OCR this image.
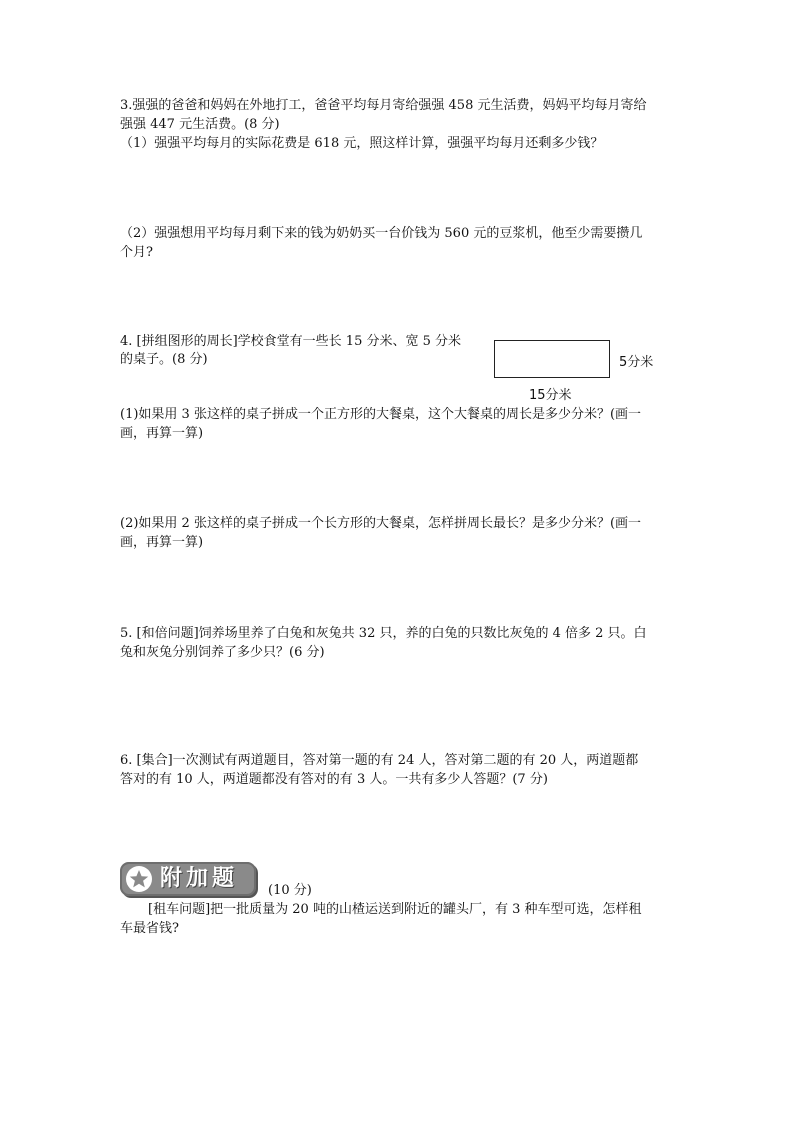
3.强强的爸爸和妈妈在外地打工，爸爸平均每月寄给强强 458 元生活费，妈妈平均每月寄给
强强 447 元生活费。(8 分)
（1）强强平均每月的实际花费是 618 元，照这样计算，强强平均每月还剩多少钱？
（2）强强想用平均每月剩下来的钱为奶奶买一台价钱为 560 元的豆浆机，他至少需要攒几
个月?
4. [拼组图形的周长]学校食堂有一些长 15 分米、宽 5 分米
的桌子。(8 分)	5分米
15分米
(1)如果用 3 张这样的桌子拼成一个正方形的大餐桌，这个大餐桌的周长是多少分米？(画一
画，再算一算)
(2)如果用 2 张这样的桌子拼成一个长方形的大餐桌，怎样拼周长最长？是多少分米？(画一
画，再算一算)
5. [和倍问题]饲养场里养了白兔和灰兔共 32 只，养的白兔的只数比灰兔的 4 倍多 2 只。白
兔和灰兔分别饲养了多少只？(6 分)
6. [集合]一次测试有两道题目，答对第一题的有 24 人，答对第二题的有 20 人，两道题都
答对的有 10 人，两道题都没有答对的有 3 人。一共有多少人答题？(7 分)
附加题 (10 分)
[租车问题]把一批质量为 20 吨的山楂运送到附近的罐头厂，有 3 种车型可选，怎样租
车最省钱?
